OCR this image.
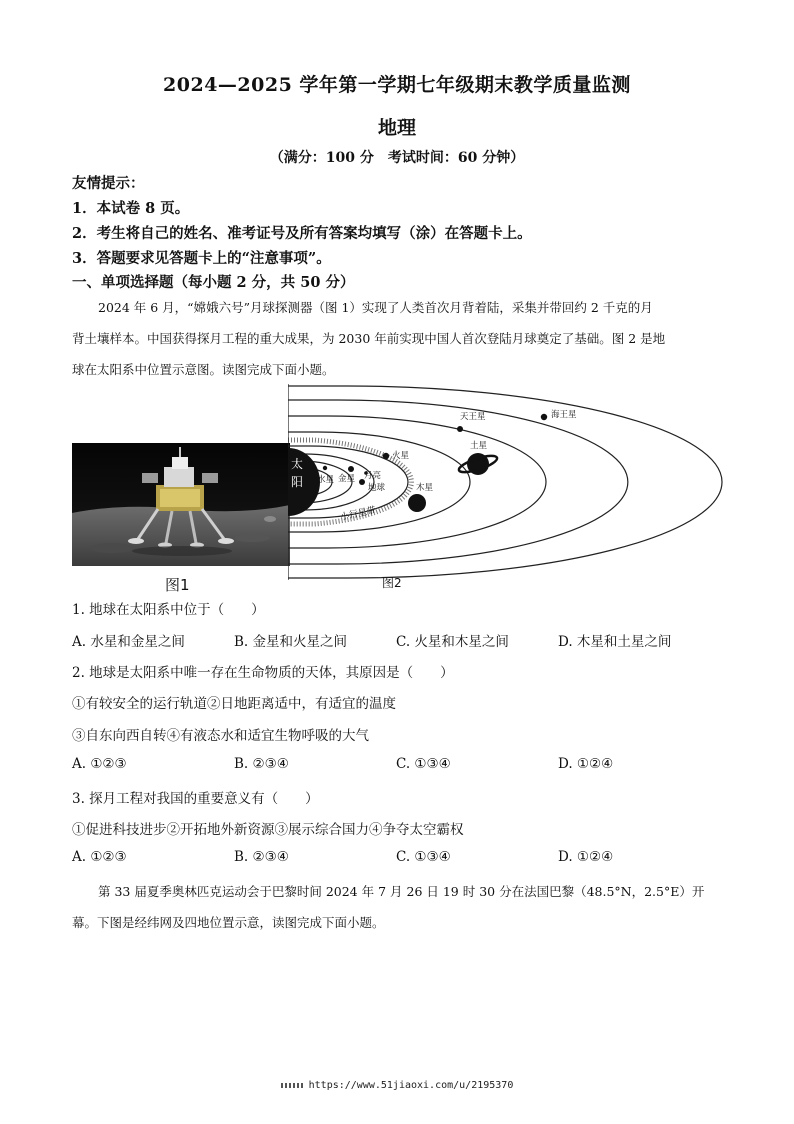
2024—2025 学年第一学期七年级期末教学质量监测
地理
（满分：100 分　考试时间：60 分钟）
友情提示：
1．本试卷 8 页。
2．考生将自己的姓名、准考证号及所有答案均填写（涂）在答题卡上。
3．答题要求见答题卡上的“注意事项”。
一、单项选择题（每小题 2 分，共 50 分）
2024 年 6 月，“嫦娥六号”月球探测器（图 1）实现了人类首次月背着陆，采集并带回约 2 千克的月
背土壤样本。中国获得探月工程的重大成果，为 2030 年前实现中国人首次登陆月球奠定了基础。图 2 是地
球在太阳系中位置示意图。读图完成下面小题。
图1
太
阳 水星 金星
地球
月亮
火星
木星
土星
天王星	海王星
小行星带
图2
1. 地球在太阳系中位于（　　）
A. 水星和金星之间	B. 金星和火星之间	C. 火星和木星之间	D. 木星和土星之间
2. 地球是太阳系中唯一存在生命物质的天体，其原因是（　　）
①有较安全的运行轨道②日地距离适中，有适宜的温度
③自东向西自转④有液态水和适宜生物呼吸的大气
A. ①②③	B. ②③④	C. ①③④	D. ①②④
3. 探月工程对我国的重要意义有（　　）
①促进科技进步②开拓地外新资源③展示综合国力④争夺太空霸权
A. ①②③	B. ②③④	C. ①③④	D. ①②④
第 33 届夏季奥林匹克运动会于巴黎时间 2024 年 7 月 26 日 19 时 30 分在法国巴黎（48.5°N，2.5°E）开
幕。下图是经纬网及四地位置示意，读图完成下面小题。
https://www.51jiaoxi.com/u/2195370
